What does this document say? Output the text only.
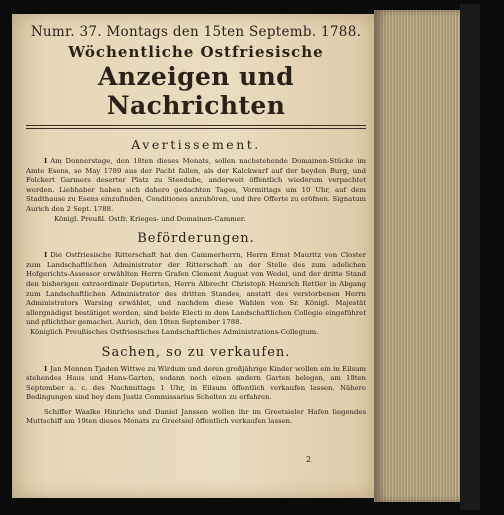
Numr. 37. Montags den 15ten Septemb. 1788.
Wöchentliche Ostfriesische
Anzeigen und Nachrichten
Avertissement.
I Am Donnerstage, den 18ten dieses Monats, sollen nachstehende Domainen-Stücke im Amte Esens, so May 1789 aus der Pacht fallen, als der Kalckwarf auf der beyden Burg, und Folckert Garmers deserter Platz zu Steedube, anderweit öffentlich wiederum verpachtet werden. Liebhaber haben sich dahero gedachten Tages, Vormittags um 10 Uhr, auf dem Stadthause zu Esens einzufinden, Conditiones anzuhören, und ihre Offerte zu eröfnen. Signatum Aurich den 2 Sept. 1788.
Königl. Preußl. Ostfr. Krieges- und Domainen-Cammer.
Beförderungen.
I Die Ostfriesische Ritterschaft hat den Cammerherrn, Herrn Ernst Mauritz von Closter zum Landschaftlichen Administrator der Ritterschaft an der Stelle des zum adelichen Hofgerichts-Assessor erwählten Herrn Grafen Clement August von Wedel, und der dritte Stand den bisherigen extraordinair Deputirten, Herrn Albrecht Christoph Heinrich Rettler in Abgang zum Landschaftlichen Administrator des dritten Standes, anstatt des verstorbenen Herrn Administrators Warsing erwählet, und nachdem diese Wahlen von Sr. Königl. Majestät allergnädigst bestätiget worden, sind beide Electi in dem Landschaftlichen Collegio eingeführet und pflichtbar gemachet. Aurich, den 10ten September 1788.
Königlich Preußisches Ostfriesisches Landschaftliches Administrations-Collegium.
Sachen, so zu verkaufen.
I Jan Mennen Tjaden Wittwe zu Wirdum und deren großjährige Kinder wollen ein in Eilsum stehendes Haus und Hans-Garten, sodann noch einen andern Garten belegen, am 18ten September a. c. des Nachmittags 1 Uhr, in Eilsum öffentlich verkaufen lassen. Nähere Bedingungen sind bey dem Justiz Commissarius Schelten zu erfahren.
Schiffer Waalke Hinrichs und Daniel Janssen wollen ihr im Greetsieler Hafen liegendes Muttschiff am 19ten dieses Monats zu Greetsiel öffentlich verkaufen lassen.
2
